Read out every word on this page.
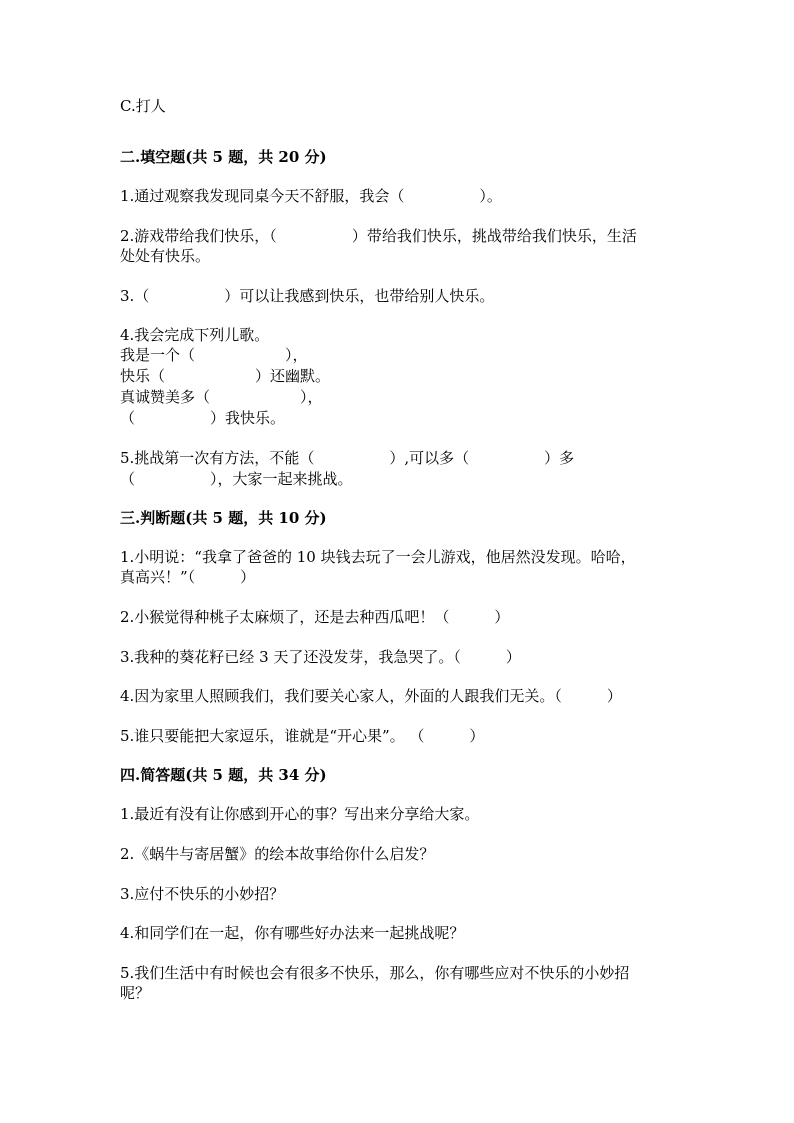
C.打人
二.填空题(共 5 题，共 20 分)
1.通过观察我发现同桌今天不舒服，我会（　　　　　）。
2.游戏带给我们快乐，（　　　　　）带给我们快乐，挑战带给我们快乐，生活
处处有快乐。
3.（　　　　　）可以让我感到快乐，也带给别人快乐。
4.我会完成下列儿歌。
我是一个（　　　　　　），
快乐（　　　　　　）还幽默。
真诚赞美多（　　　　　　），
（　　　　　）我快乐。
5.挑战第一次有方法，不能（　　　　　）,可以多（　　　　　）多
（　　　　　），大家一起来挑战。
三.判断题(共 5 题，共 10 分)
1.小明说：“我拿了爸爸的 10 块钱去玩了一会儿游戏，他居然没发现。哈哈，
真高兴！”（　　　）
2.小猴觉得种桃子太麻烦了，还是去种西瓜吧！（　　　）
3.我种的葵花籽已经 3 天了还没发芽，我急哭了。（　　　）
4.因为家里人照顾我们，我们要关心家人，外面的人跟我们无关。（　　　）
5.谁只要能把大家逗乐，谁就是“开心果”。 （　　　）
四.简答题(共 5 题，共 34 分)
1.最近有没有让你感到开心的事？写出来分享给大家。
2.《蜗牛与寄居蟹》的绘本故事给你什么启发？
3.应付不快乐的小妙招？
4.和同学们在一起，你有哪些好办法来一起挑战呢？
5.我们生活中有时候也会有很多不快乐，那么，你有哪些应对不快乐的小妙招
呢？
